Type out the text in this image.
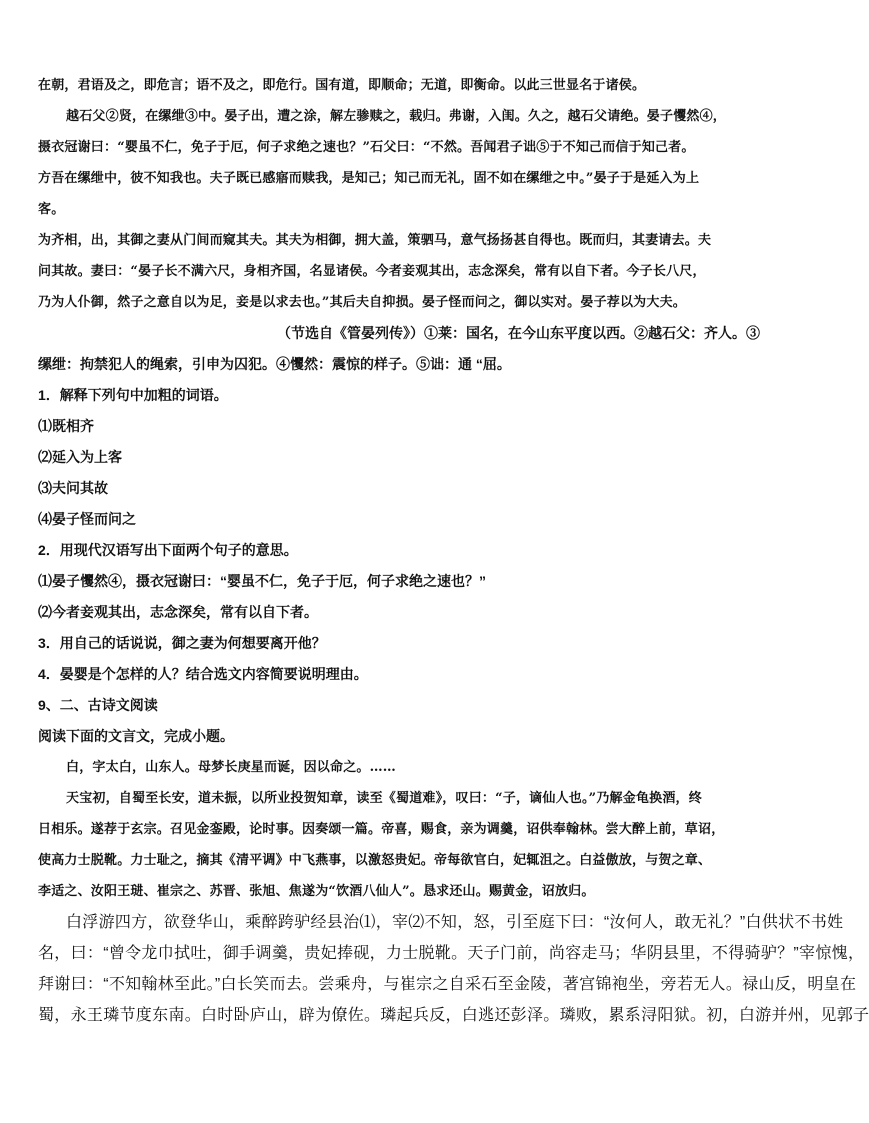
在朝，君语及之，即危言；语不及之，即危行。国有道，即顺命；无道，即衡命。以此三世显名于诸侯。
越石父②贤，在缧绁③中。晏子出，遭之涂，解左骖赎之，载归。弗谢，入闺。久之，越石父请绝。晏子戄然④，
摄衣冠谢曰：“婴虽不仁，免子于厄，何子求绝之速也？”石父曰：“不然。吾闻君子诎⑤于不知己而信于知己者。
方吾在缧绁中，彼不知我也。夫子既已感寤而赎我，是知己；知己而无礼，固不如在缧绁之中。”晏子于是延入为上
客。
为齐相，出，其御之妻从门间而窥其夫。其夫为相御，拥大盖，策驷马，意气扬扬甚自得也。既而归，其妻请去。夫
问其故。妻曰：“晏子长不满六尺，身相齐国，名显诸侯。今者妾观其出，志念深矣，常有以自下者。今子长八尺，
乃为人仆御，然子之意自以为足，妾是以求去也。”其后夫自抑损。晏子怪而问之，御以实对。晏子荐以为大夫。
（节选自《管晏列传》）①莱：国名，在今山东平度以西。②越石父：齐人。③
缧绁：拘禁犯人的绳索，引申为囚犯。④戄然：震惊的样子。⑤诎：通 “屈。
1．解释下列句中加粗的词语。
⑴既相齐
⑵延入为上客
⑶夫问其故
⑷晏子怪而问之
2．用现代汉语写出下面两个句子的意思。
⑴晏子戄然④，摄衣冠谢曰：“婴虽不仁，免子于厄，何子求绝之速也？”
⑵今者妾观其出，志念深矣，常有以自下者。
3．用自己的话说说，御之妻为何想要离开他？
4．晏婴是个怎样的人？结合选文内容简要说明理由。
9、二、古诗文阅读
阅读下面的文言文，完成小题。
白，字太白，山东人。母梦长庚星而诞，因以命之。……
天宝初，自蜀至长安，道未振，以所业投贺知章，读至《蜀道难》，叹曰：“子，谪仙人也。”乃解金龟换酒，终
日相乐。遂荐于玄宗。召见金銮殿，论时事。因奏颂一篇。帝喜，赐食，亲为调羹，诏供奉翰林。尝大醉上前，草诏，
使高力士脱靴。力士耻之，摘其《清平调》中飞燕事，以激怒贵妃。帝每欲官白，妃辄沮之。白益傲放，与贺之章、
李适之、汝阳王琎、崔宗之、苏晋、张旭、焦遂为“饮酒八仙人”。恳求还山。赐黄金，诏放归。
白浮游四方，欲登华山，乘醉跨驴经县治⑴，宰⑵不知，怒，引至庭下曰：“汝何人，敢无礼？”白供状不书姓
名，曰：“曾令龙巾拭吐，御手调羹，贵妃捧砚，力士脱靴。天子门前，尚容走马；华阴县里，不得骑驴？”宰惊愧，
拜谢曰：“不知翰林至此。”白长笑而去。尝乘舟，与崔宗之自采石至金陵，著宫锦袍坐，旁若无人。禄山反，明皇在
蜀，永王璘节度东南。白时卧庐山，辟为僚佐。璘起兵反，白逃还彭泽。璘败，累系浔阳狱。初，白游并州，见郭子
